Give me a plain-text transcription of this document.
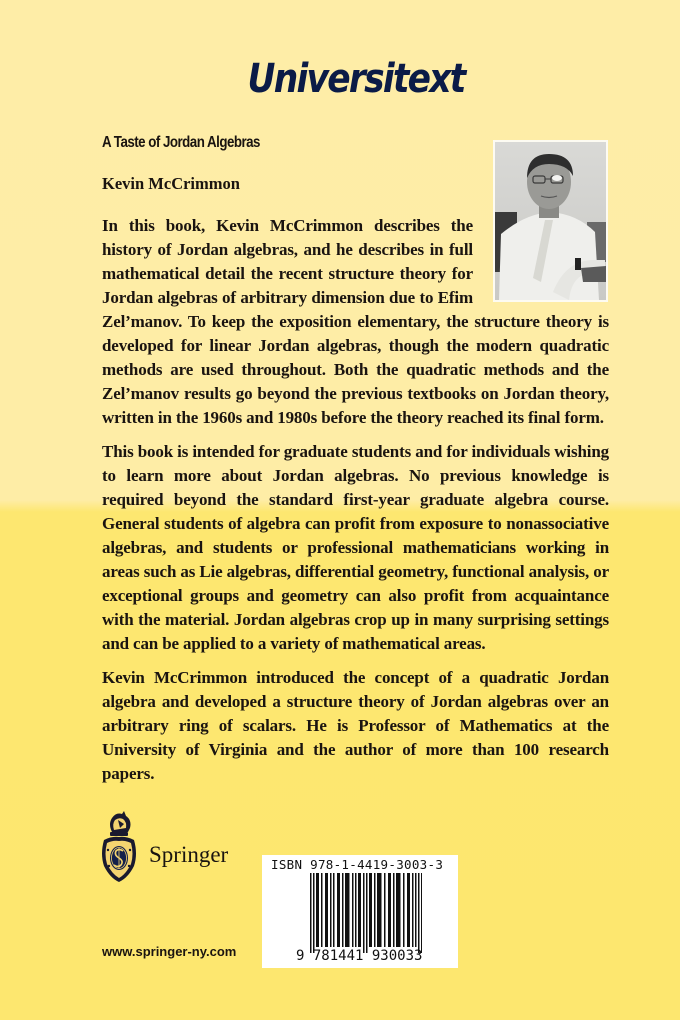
Universitext
A Taste of Jordan Algebras
Kevin McCrimmon

In this book, Kevin McCrimmon describes the history of Jordan algebras, and he describes in full mathematical detail the recent structure theory for Jordan algebras of arbitrary dimension due to Efim Zel’manov. To keep the exposition elementary, the structure theory is developed for linear Jordan algebras, though the modern quadratic methods are used throughout. Both the quadratic methods and the Zel’manov results go beyond the previous textbooks on Jordan theory, written in the 1960s and 1980s before the theory reached its final form.

This book is intended for graduate students and for individuals wishing to learn more about Jordan algebras. No previous knowledge is required beyond the standard first-year graduate algebra course. General students of algebra can profit from exposure to nonassociative algebras, and students or professional mathematicians working in areas such as Lie algebras, differential geometry, functional analysis, or exceptional groups and geometry can also profit from acquaintance with the material. Jordan algebras crop up in many surprising settings and can be applied to a variety of mathematical areas.

Kevin McCrimmon introduced the concept of a quadratic Jordan algebra and developed a structure theory of Jordan algebras over an arbitrary ring of scalars. He is Professor of Mathematics at the University of Virginia and the author of more than 100 research papers.

Springer
www.springer-ny.com
ISBN 978-1-4419-3003-3
9 781441 930033
